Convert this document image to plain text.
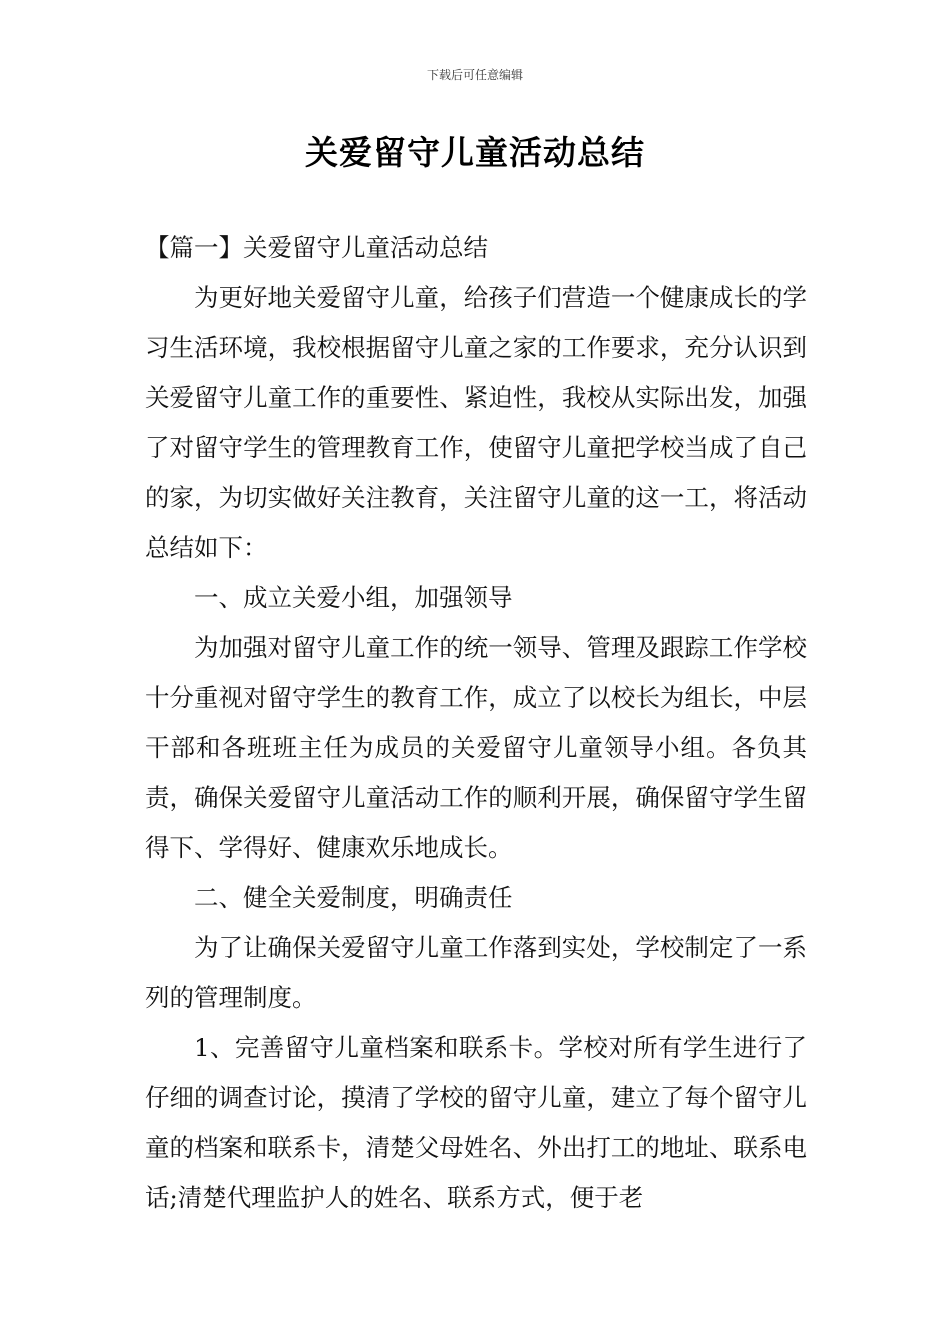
下载后可任意编辑
关爱留守儿童活动总结

【篇一】关爱留守儿童活动总结

为更好地关爱留守儿童，给孩子们营造一个健康成长的学习生活环境，我校根据留守儿童之家的工作要求，充分认识到关爱留守儿童工作的重要性、紧迫性，我校从实际出发，加强了对留守学生的管理教育工作，使留守儿童把学校当成了自己的家，为切实做好关注教育，关注留守儿童的这一工，将活动总结如下：

一、成立关爱小组，加强领导

为加强对留守儿童工作的统一领导、管理及跟踪工作学校十分重视对留守学生的教育工作，成立了以校长为组长，中层干部和各班班主任为成员的关爱留守儿童领导小组。各负其责，确保关爱留守儿童活动工作的顺利开展，确保留守学生留得下、学得好、健康欢乐地成长。

二、健全关爱制度，明确责任

为了让确保关爱留守儿童工作落到实处，学校制定了一系列的管理制度。

1、完善留守儿童档案和联系卡。学校对所有学生进行了仔细的调查讨论，摸清了学校的留守儿童，建立了每个留守儿童的档案和联系卡，清楚父母姓名、外出打工的地址、联系电话;清楚代理监护人的姓名、联系方式，便于老
